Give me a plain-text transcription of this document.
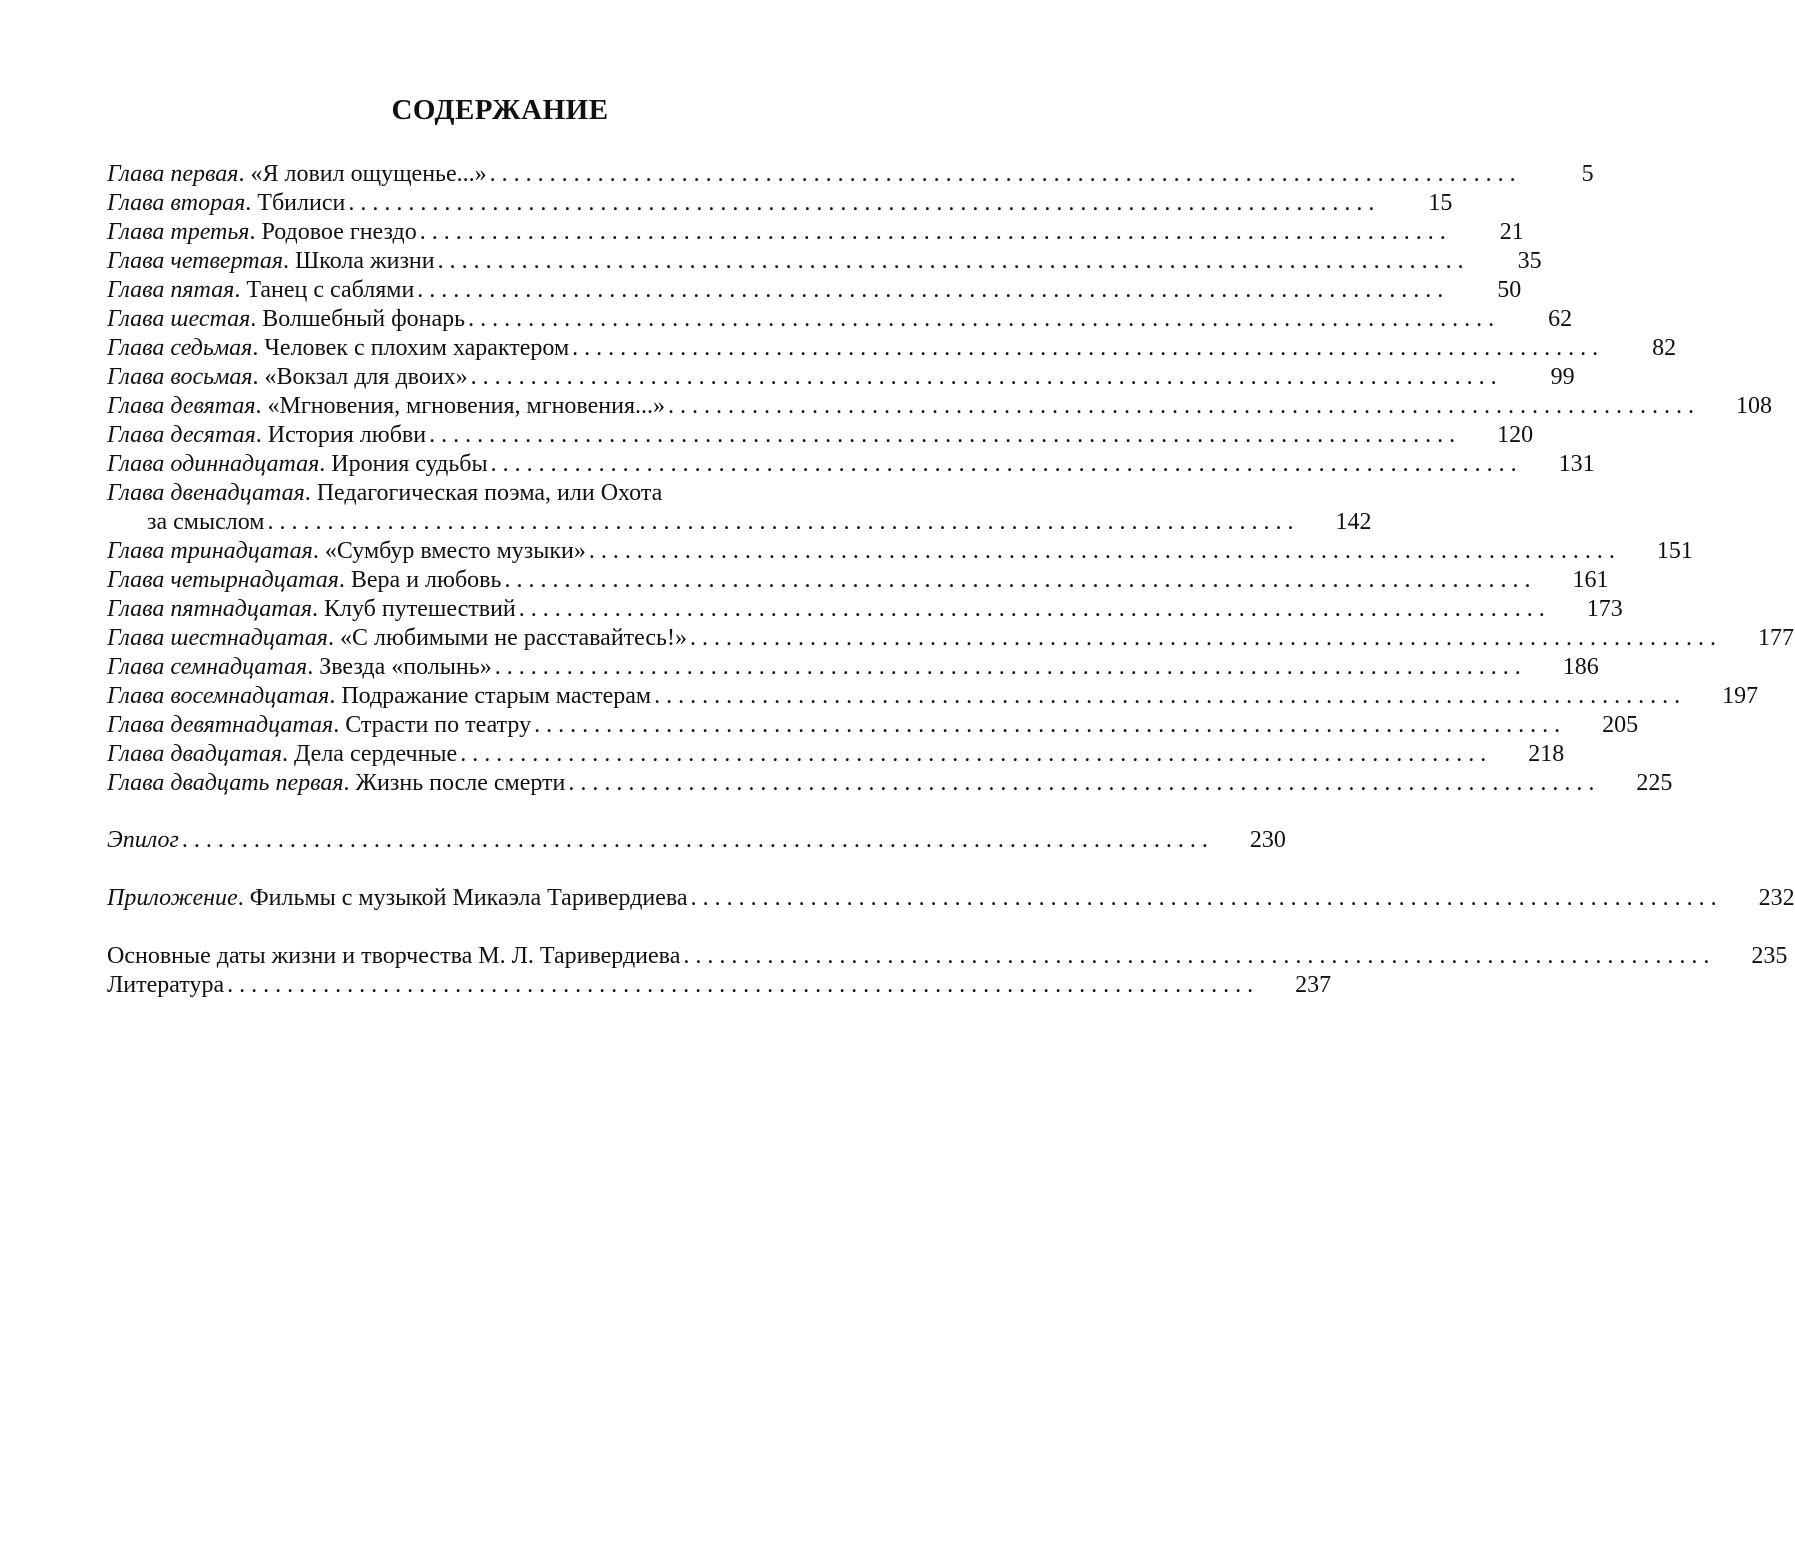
СОДЕРЖАНИЕ
Глава первая. «Я ловил ощущенье...» . . .	5
Глава вторая. Тбилиси . . .	15
Глава третья. Родовое гнездо . . .	21
Глава четвертая. Школа жизни . . .	35
Глава пятая. Танец с саблями . . .	50
Глава шестая. Волшебный фонарь . . .	62
Глава седьмая. Человек с плохим характером . . .	82
Глава восьмая. «Вокзал для двоих» . . .	99
Глава девятая. «Мгновения, мгновения, мгновения...» . . .	108
Глава десятая. История любви . . .	120
Глава одиннадцатая. Ирония судьбы . . .	131
Глава двенадцатая. Педагогическая поэма, или Охота
за смыслом . . .	142
Глава тринадцатая. «Сумбур вместо музыки» . . .	151
Глава четырнадцатая. Вера и любовь . . .	161
Глава пятнадцатая. Клуб путешествий . . .	173
Глава шестнадцатая. «С любимыми не расставайтесь!» . . .	177
Глава семнадцатая. Звезда «полынь» . . .	186
Глава восемнадцатая. Подражание старым мастерам . . .	197
Глава девятнадцатая. Страсти по театру . . .	205
Глава двадцатая. Дела сердечные . . .	218
Глава двадцать первая. Жизнь после смерти . . .	225
Эпилог . . .	230
Приложение. Фильмы с музыкой Микаэла Таривердиева . . .	232
Основные даты жизни и творчества М. Л. Таривердиева . . .	235
Литература . . .	237
